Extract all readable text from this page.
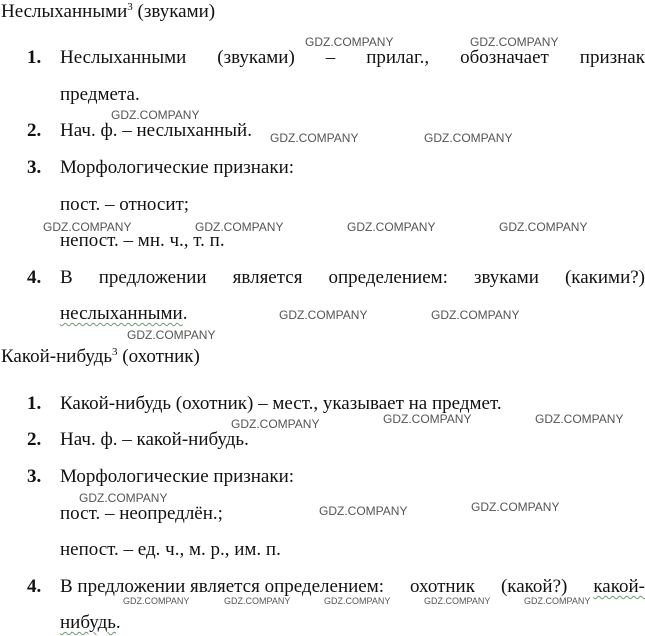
Неслыханными$^3$ (звуками)
1. Неслыханными (звуками) – прилаг., обозначает признак
предмета.
2. Нач. ф. – неслыханный.
3. Морфологические признаки:
пост. – относит;
непост. – мн. ч., т. п.
4. В предложении является определением: звуками (какими?)
неслыханными.
Какой-нибудь$^3$ (охотник)
1. Какой-нибудь (охотник) – мест., указывает на предмет.
2. Нач. ф. – какой-нибудь.
3. Морфологические признаки:
пост. – неопредлён.;
непост. – ед. ч., м. р., им. п.
4. В предложении является определением: охотник (какой?) какой-
нибудь.
GDZ.COMPANY	GDZ.COMPANY
GDZ.COMPANY
GDZ.COMPANY	GDZ.COMPANY
GDZ.COMPANY	GDZ.COMPANY	GDZ.COMPANY	GDZ.COMPANY
GDZ.COMPANY	GDZ.COMPANY
GDZ.COMPANY
GDZ.COMPANY	GDZ.COMPANY	GDZ.COMPANY
GDZ.COMPANY
GDZ.COMPANY	GDZ.COMPANY
GDZ.COMPANY	GDZ.COMPANY	GDZ.COMPANY	GDZ.COMPANY	GDZ.COMPANY
